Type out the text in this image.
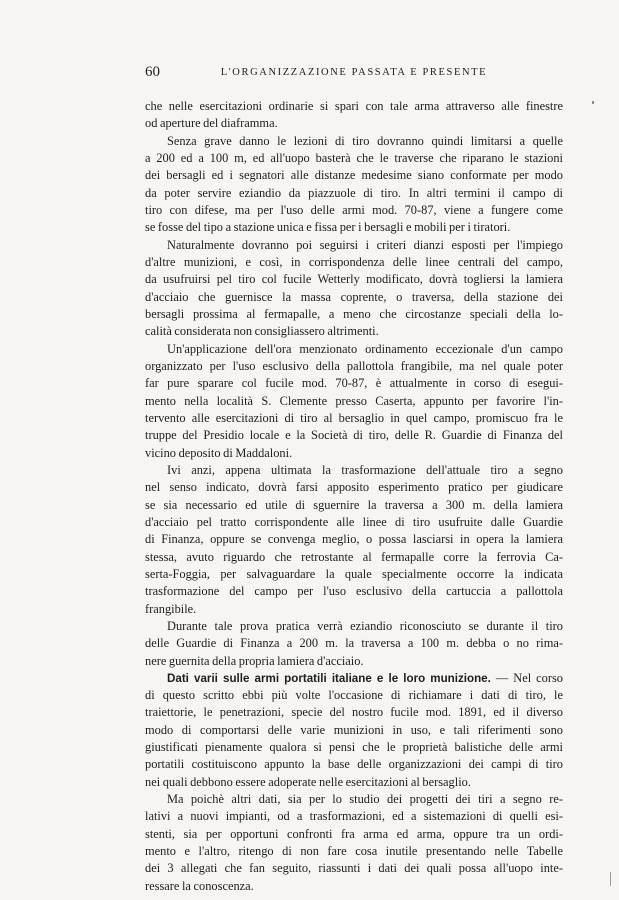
60	L'ORGANIZZAZIONE PASSATA E PRESENTE
che nelle esercitazioni ordinarie si spari con tale arma attraverso alle finestre
od aperture del diaframma.
Senza grave danno le lezioni di tiro dovranno quindi limitarsi a quelle
a 200 ed a 100 m, ed all'uopo basterà che le traverse che riparano le stazioni
dei bersagli ed i segnatori alle distanze medesime siano conformate per modo
da poter servire eziandio da piazzuole di tiro. In altri termini il campo di
tiro con difese, ma per l'uso delle armi mod. 70-87, viene a fungere come
se fosse del tipo a stazione unica e fissa per i bersagli e mobili per i tiratori.
Naturalmente dovranno poi seguirsi i criteri dianzi esposti per l'impiego
d'altre munizioni, e così, in corrispondenza delle linee centrali del campo,
da usufruirsi pel tiro col fucile Wetterly modificato, dovrà togliersi la lamiera
d'acciaio che guernisce la massa coprente, o traversa, della stazione dei
bersagli prossima al fermapalle, a meno che circostanze speciali della lo-
calità considerata non consigliassero altrimenti.
Un'applicazione dell'ora menzionato ordinamento eccezionale d'un campo
organizzato per l'uso esclusivo della pallottola frangibile, ma nel quale poter
far pure sparare col fucile mod. 70-87, è attualmente in corso di esegui-
mento nella località S. Clemente presso Caserta, appunto per favorire l'in-
tervento alle esercitazioni di tiro al bersaglio in quel campo, promiscuo fra le
truppe del Presidio locale e la Società di tiro, delle R. Guardie di Finanza del
vicino deposito di Maddaloni.
Ivi anzi, appena ultimata la trasformazione dell'attuale tiro a segno
nel senso indicato, dovrà farsi apposito esperimento pratico per giudicare
se sia necessario ed utile di sguernire la traversa a 300 m. della lamiera
d'acciaio pel tratto corrispondente alle linee di tiro usufruite dalle Guardie
di Finanza, oppure se convenga meglio, o possa lasciarsi in opera la lamiera
stessa, avuto riguardo che retrostante al fermapalle corre la ferrovia Ca-
serta-Foggia, per salvaguardare la quale specialmente occorre la indicata
trasformazione del campo per l'uso esclusivo della cartuccia a pallottola
frangibile.
Durante tale prova pratica verrà eziandio riconosciuto se durante il tiro
delle Guardie di Finanza a 200 m. la traversa a 100 m. debba o no rima-
nere guernita della propria lamiera d'acciaio.
Dati varii sulle armi portatili italiane e le loro munizione. — Nel corso
di questo scritto ebbi più volte l'occasione di richiamare i dati di tiro, le
traiettorie, le penetrazioni, specie del nostro fucile mod. 1891, ed il diverso
modo di comportarsi delle varie munizioni in uso, e tali riferimenti sono
giustificati pienamente qualora si pensi che le proprietà balistiche delle armi
portatili costituiscono appunto la base delle organizzazioni dei campi di tiro
nei quali debbono essere adoperate nelle esercitazioni al bersaglio.
Ma poichè altri dati, sia per lo studio dei progetti dei tiri a segno re-
lativi a nuovi impianti, od a trasformazioni, ed a sistemazioni di quelli esi-
stenti, sia per opportuni confronti fra arma ed arma, oppure tra un ordi-
mento e l'altro, ritengo di non fare cosa inutile presentando nelle Tabelle
dei 3 allegati che fan seguito, riassunti i dati dei quali possa all'uopo inte-
ressare la conoscenza.
